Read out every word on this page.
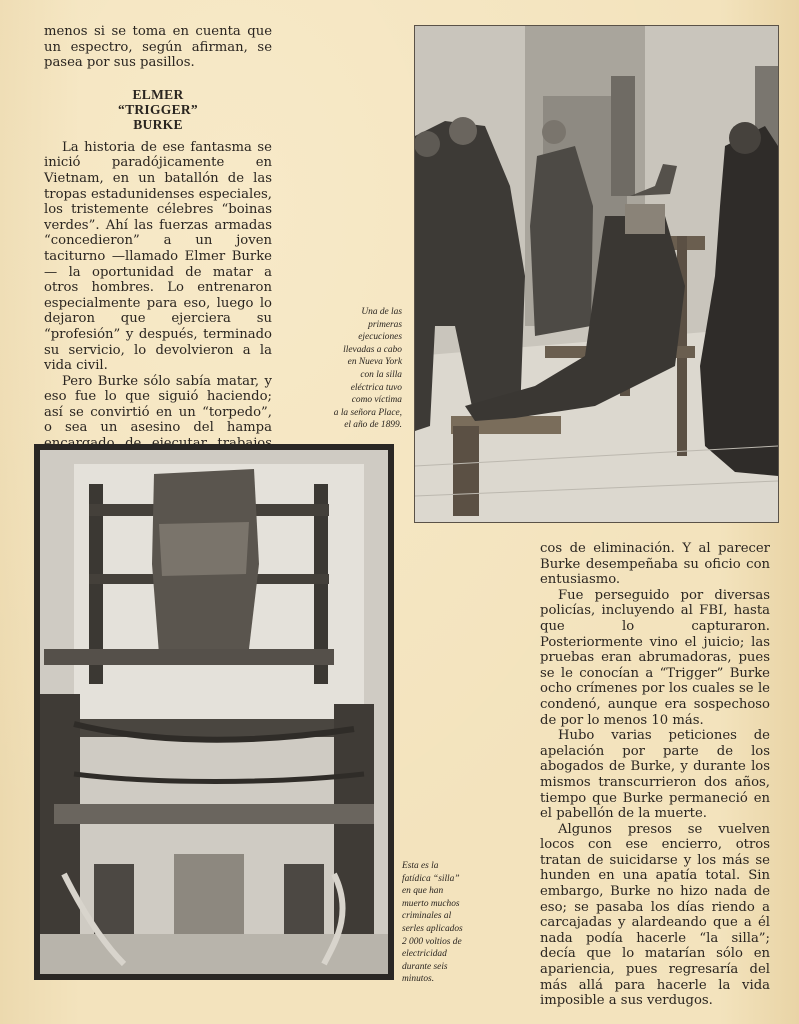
menos si se toma en cuenta que un espectro, según afirman, se pasea por sus pasillos.

ELMER
“TRIGGER”
BURKE

La historia de ese fantasma se inició paradójicamente en Vietnam, en un batallón de las tropas estadunidenses especiales, los tristemente célebres “boinas verdes”. Ahí las fuerzas armadas “concedieron” a un joven taciturno —llamado Elmer Burke— la oportunidad de matar a otros hombres. Lo entrenaron especialmente para eso, luego lo dejaron que ejerciera su “profesión” y después, terminado su servicio, lo devolvieron a la vida civil.

Pero Burke sólo sabía matar, y eso fue lo que siguió haciendo; así se convirtió en un “torpedo”, o sea un asesino del hampa

Una de las
primeras
ejecuciones
llevadas a cabo
en Nueva York
con la silla
eléctrica tuvo
como víctima
a la señora Place,
el año de 1899.
Esta es la
fatídica “silla”
en que han
muerto muchos
criminales al
serles aplicados
2 000 voltios de
electricidad
durante seis
minutos.

cos de eliminación. Y al parecer Burke desempeñaba su oficio con entusiasmo.

Fue perseguido por diversas policías, incluyendo al FBI, hasta que lo capturaron. Posteriormente vino el juicio; las pruebas eran abrumadoras, pues se le conocían a “Trigger” Burke ocho crímenes por los cuales se le condenó, aunque era sospechoso de por lo menos 10 más.

Hubo varias peticiones de apelación por parte de los abogados de Burke, y durante los mismos transcurrieron dos años, tiempo que Burke permaneció en el pabellón de la muerte.

Algunos presos se vuelven locos con ese encierro, otros tratan de suicidarse y los más se hunden en una apatía total. Sin embargo, Burke no hizo nada de eso; se pasaba los días riendo a carcajadas y alardeando que a él nada podía hacerle “la silla”; decía que lo matarían sólo en apariencia, pues regresaría del más allá para hacerle la vida imposible a sus verdugos.
